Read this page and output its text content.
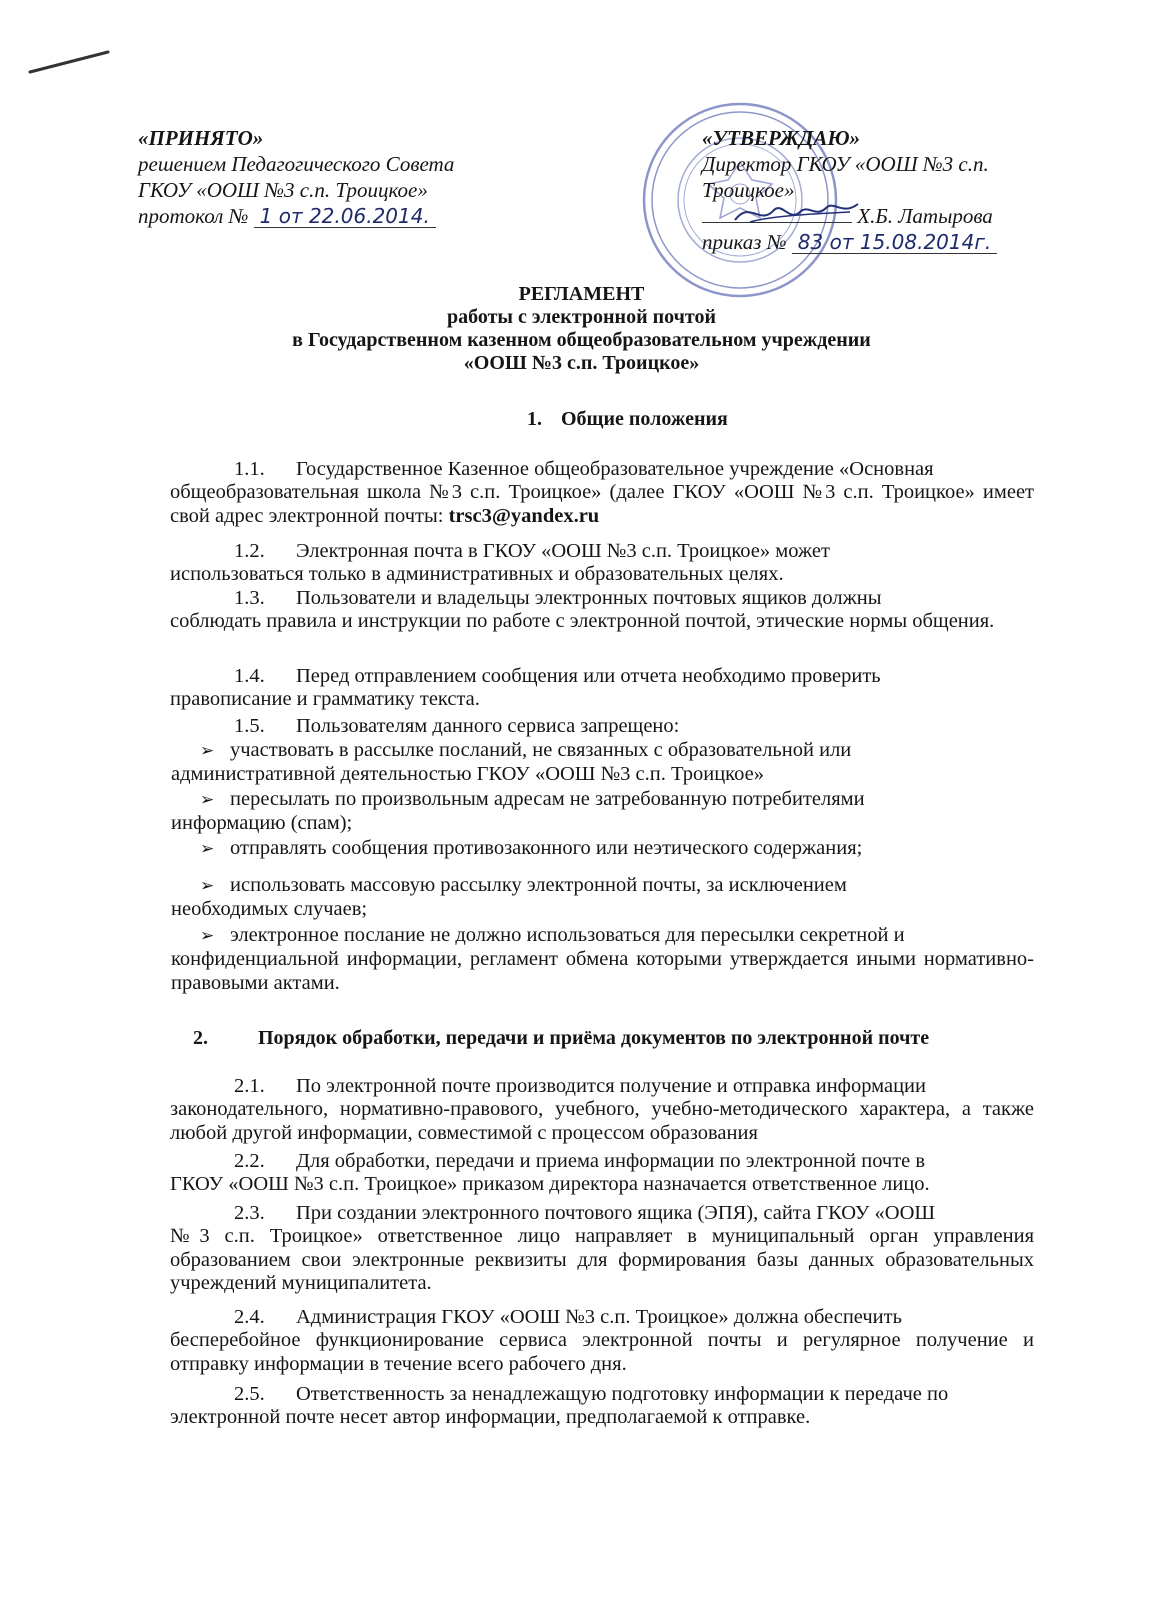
«ПРИНЯТО»
решением Педагогического Совета
ГКОУ «ООШ №3 с.п. Троицкое»
протокол № 1 от 22.06.2014.
«УТВЕРЖДАЮ»
Директор ГКОУ «ООШ №3 с.п.
Троицкое»
Х.Б. Латырова
приказ № 83 от 15.08.2014г.
РЕГЛАМЕНТ
работы с электронной почтой
в Государственном казенном общеобразовательном учреждении
«ООШ №3 с.п. Троицкое»
1. Общие положения
1.1. Государственное Казенное общеобразовательное учреждение «Основная
общеобразовательная школа №3 с.п. Троицкое» (далее ГКОУ «ООШ №3 с.п. Троицкое» имеет свой адрес электронной почты: trsc3@yandex.ru
1.2. Электронная почта в ГКОУ «ООШ №3 с.п. Троицкое» может
использоваться только в административных и образовательных целях.
1.3. Пользователи и владельцы электронных почтовых ящиков должны
соблюдать правила и инструкции по работе с электронной почтой, этические нормы общения.
1.4. Перед отправлением сообщения или отчета необходимо проверить
правописание и грамматику текста.
1.5. Пользователям данного сервиса запрещено:
➢ участвовать в рассылке посланий, не связанных с образовательной или
административной деятельностью ГКОУ «ООШ №3 с.п. Троицкое»
➢ пересылать по произвольным адресам не затребованную потребителями
информацию (спам);
➢ отправлять сообщения противозаконного или неэтического содержания;
➢ использовать массовую рассылку электронной почты, за исключением
необходимых случаев;
➢ электронное послание не должно использоваться для пересылки секретной и
конфиденциальной информации, регламент обмена которыми утверждается иными нормативно-правовыми актами.
2.	Порядок обработки, передачи и приёма документов по электронной почте
2.1. По электронной почте производится получение и отправка информации
законодательного, нормативно-правового, учебного, учебно-методического характера, а также любой другой информации, совместимой с процессом образования
2.2. Для обработки, передачи и приема информации по электронной почте в
ГКОУ «ООШ №3 с.п. Троицкое» приказом директора назначается ответственное лицо.
2.3. При создании электронного почтового ящика (ЭПЯ), сайта ГКОУ «ООШ
№3 с.п. Троицкое» ответственное лицо направляет в муниципальный орган управления образованием свои электронные реквизиты для формирования базы данных образовательных учреждений муниципалитета.
2.4. Администрация ГКОУ «ООШ №3 с.п. Троицкое» должна обеспечить
бесперебойное функционирование сервиса электронной почты и регулярное получение и отправку информации в течение всего рабочего дня.
2.5. Ответственность за ненадлежащую подготовку информации к передаче по
электронной почте несет автор информации, предполагаемой к отправке.
